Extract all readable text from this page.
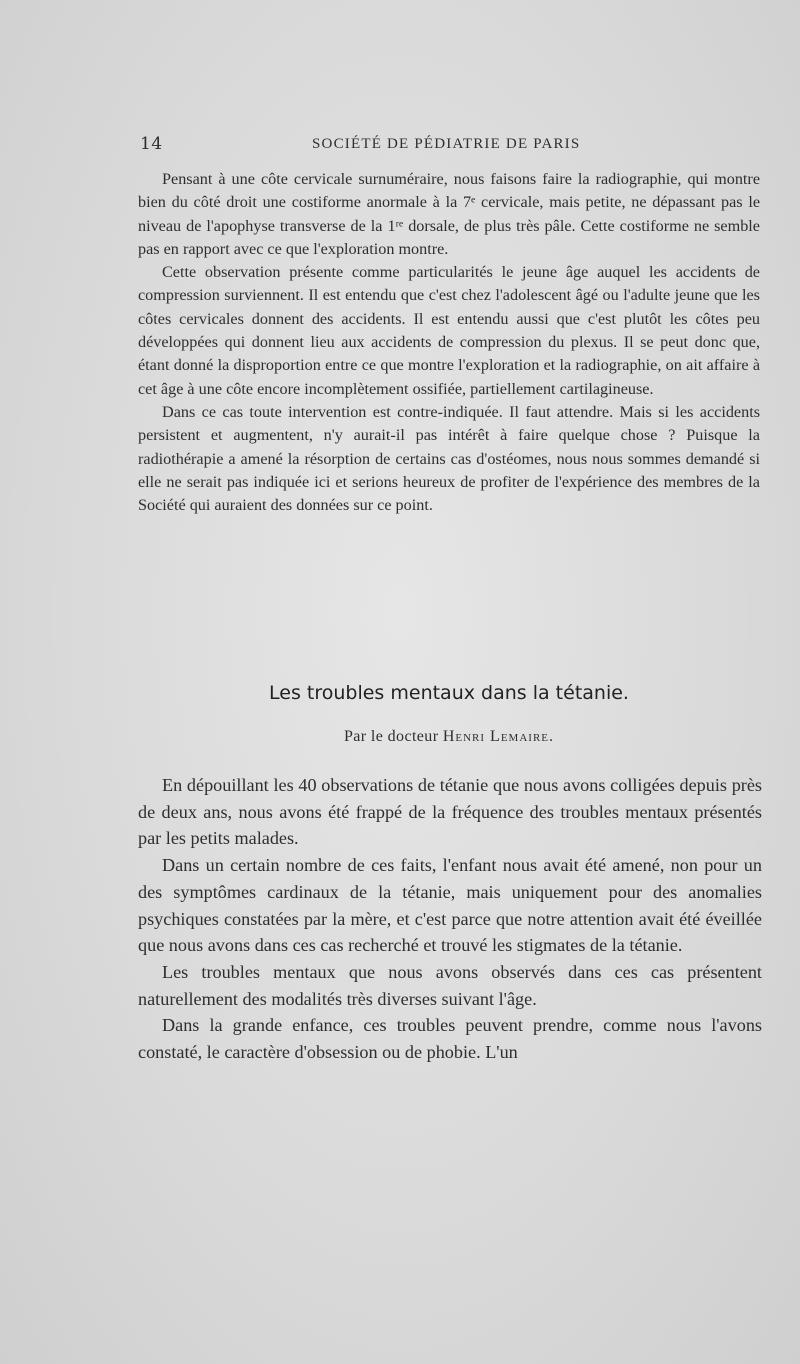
14	SOCIÉTÉ DE PÉDIATRIE DE PARIS

Pensant à une côte cervicale surnuméraire, nous faisons faire la radiographie, qui montre bien du côté droit une costiforme anormale à la 7ᵉ cervicale, mais petite, ne dépassant pas le niveau de l'apophyse transverse de la 1ʳᵉ dorsale, de plus très pâle. Cette costiforme ne semble pas en rapport avec ce que l'exploration montre.

Cette observation présente comme particularités le jeune âge auquel les accidents de compression surviennent. Il est entendu que c'est chez l'adolescent âgé ou l'adulte jeune que les côtes cervicales donnent des accidents. Il est entendu aussi que c'est plutôt les côtes peu développées qui donnent lieu aux accidents de compression du plexus. Il se peut donc que, étant donné la disproportion entre ce que montre l'exploration et la radiographie, on ait affaire à cet âge à une côte encore incomplètement ossifiée, partiellement cartilagineuse.

Dans ce cas toute intervention est contre-indiquée. Il faut attendre. Mais si les accidents persistent et augmentent, n'y aurait-il pas intérêt à faire quelque chose ? Puisque la radiothérapie a amené la résorption de certains cas d'ostéomes, nous nous sommes demandé si elle ne serait pas indiquée ici et serions heureux de profiter de l'expérience des membres de la Société qui auraient des données sur ce point.

Les troubles mentaux dans la tétanie.
Par le docteur Henri Lemaire.

En dépouillant les 40 observations de tétanie que nous avons colligées depuis près de deux ans, nous avons été frappé de la fréquence des troubles mentaux présentés par les petits malades.

Dans un certain nombre de ces faits, l'enfant nous avait été amené, non pour un des symptômes cardinaux de la tétanie, mais uniquement pour des anomalies psychiques constatées par la mère, et c'est parce que notre attention avait été éveillée que nous avons dans ces cas recherché et trouvé les stigmates de la tétanie.

Les troubles mentaux que nous avons observés dans ces cas présentent naturellement des modalités très diverses suivant l'âge.

Dans la grande enfance, ces troubles peuvent prendre, comme nous l'avons constaté, le caractère d'obsession ou de phobie. L'un
